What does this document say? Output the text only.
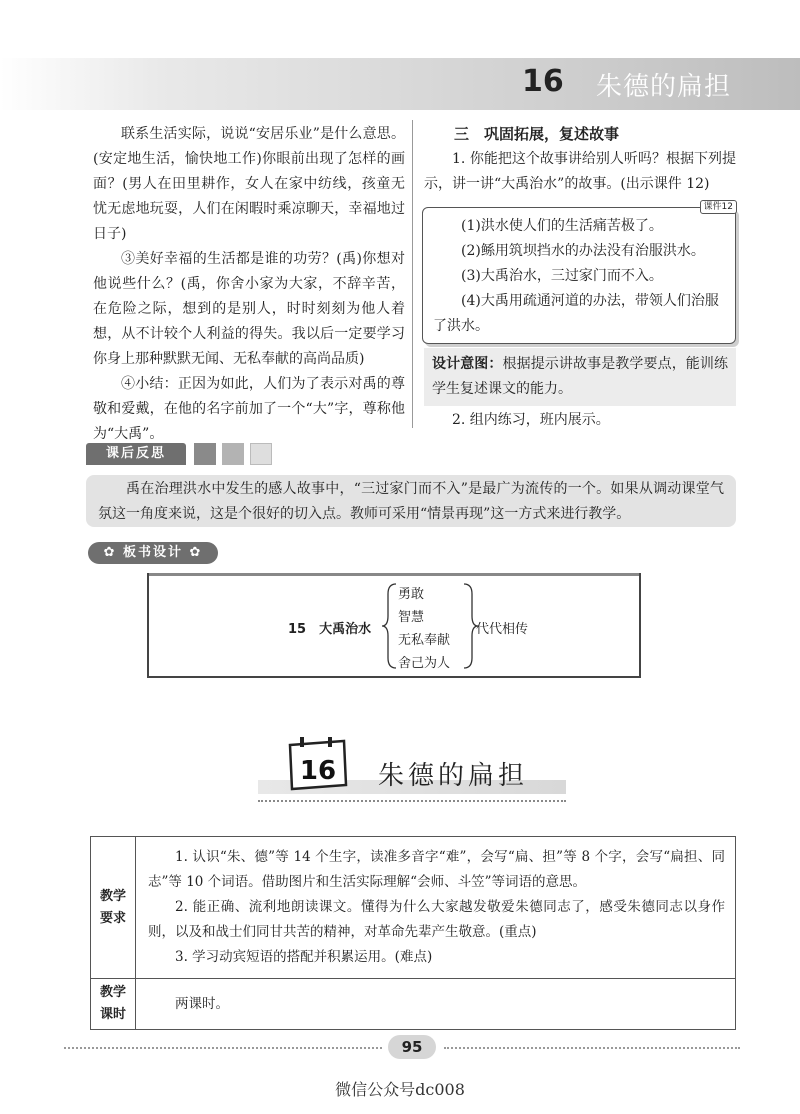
16 朱德的扁担

联系生活实际，说说“安居乐业”是什么意思。(安定地生活，愉快地工作)你眼前出现了怎样的画面？(男人在田里耕作，女人在家中纺线，孩童无忧无虑地玩耍，人们在闲暇时乘凉聊天，幸福地过日子)

③美好幸福的生活都是谁的功劳？(禹)你想对他说些什么？(禹，你舍小家为大家，不辞辛苦，在危险之际，想到的是别人，时时刻刻为他人着想，从不计较个人利益的得失。我以后一定要学习你身上那种默默无闻、无私奉献的高尚品质)

④小结：正因为如此，人们为了表示对禹的尊敬和爱戴，在他的名字前加了一个“大”字，尊称他为“大禹”。

三　巩固拓展，复述故事

1. 你能把这个故事讲给别人听吗？根据下列提示，讲一讲“大禹治水”的故事。(出示课件 12)

课件12
(1)洪水使人们的生活痛苦极了。
(2)鲧用筑坝挡水的办法没有治服洪水。
(3)大禹治水，三过家门而不入。
(4)大禹用疏通河道的办法，带领人们治服了洪水。

设计意图：根据提示讲故事是教学要点，能训练学生复述课文的能力。

2. 组内练习，班内展示。

课后反思

禹在治理洪水中发生的感人故事中，“三过家门而不入”是最广为流传的一个。如果从调动课堂气氛这一角度来说，这是个很好的切入点。教师可采用“情景再现”这一方式来进行教学。

✿ 板书设计 ✿
15　大禹治水
勇敢
智慧
无私奉献
舍己为人
代代相传
16 朱德的扁担
教学要求	1. 认识“朱、德”等 14 个生字，读准多音字“难”，会写“扁、担”等 8 个字，会写“扁担、同志”等 10 个词语。借助图片和生活实际理解“会师、斗笠”等词语的意思。

2. 能正确、流利地朗读课文。懂得为什么大家越发敬爱朱德同志了，感受朱德同志以身作则，以及和战士们同甘共苦的精神，对革命先辈产生敬意。(重点)

3. 学习动宾短语的搭配并积累运用。(难点)

教学课时	两课时。

95
微信公众号dc008
